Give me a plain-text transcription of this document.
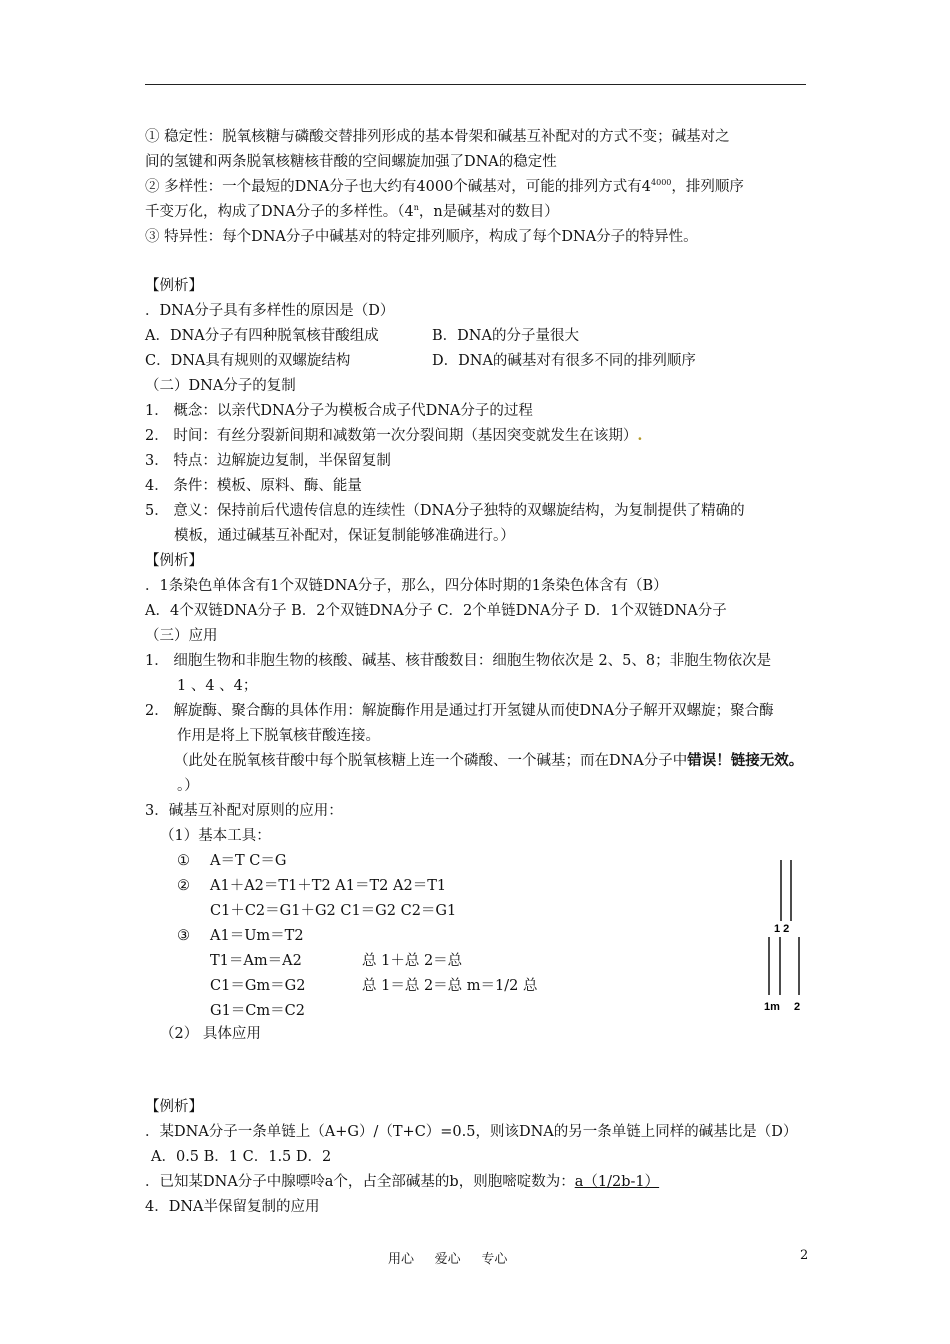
① 稳定性：脱氧核糖与磷酸交替排列形成的基本骨架和碱基互补配对的方式不变；碱基对之
间的氢键和两条脱氧核糖核苷酸的空间螺旋加强了DNA的稳定性
② 多样性：一个最短的DNA分子也大约有4000个碱基对，可能的排列方式有$4^{4000}$，排列顺序
千变万化，构成了DNA分子的多样性。（4$^n$，n是碱基对的数目）
③ 特异性：每个DNA分子中碱基对的特定排列顺序，构成了每个DNA分子的特异性。
【例析】
．DNA分子具有多样性的原因是（D）
A．DNA分子有四种脱氧核苷酸组成	B．DNA的分子量很大
C．DNA具有规则的双螺旋结构	D．DNA的碱基对有很多不同的排列顺序
（二）DNA分子的复制
1． 概念：以亲代DNA分子为模板合成子代DNA分子的过程
2． 时间：有丝分裂新间期和减数第一次分裂间期（基因突变就发生在该期）.
3． 特点：边解旋边复制，半保留复制
4． 条件：模板、原料、酶、能量
5． 意义：保持前后代遗传信息的连续性（DNA分子独特的双螺旋结构，为复制提供了精确的
模板，通过碱基互补配对，保证复制能够准确进行。）
【例析】
．1条染色单体含有1个双链DNA分子，那么，四分体时期的1条染色体含有（B）
A．4个双链DNA分子 B．2个双链DNA分子 C．2个单链DNA分子 D．1个双链DNA分子
（三）应用
1． 细胞生物和非胞生物的核酸、碱基、核苷酸数目：细胞生物依次是 2、5、8；非胞生物依次是
1 、4 、4；
2． 解旋酶、聚合酶的具体作用：解旋酶作用是通过打开氢键从而使DNA分子解开双螺旋；聚合酶
作用是将上下脱氧核苷酸连接。
（此处在脱氧核苷酸中每个脱氧核糖上连一个磷酸、一个碱基；而在DNA分子中错误！链接无效。
。）
3．碱基互补配对原则的应用：
（1）基本工具：
① A＝T C＝G
② A1＋A2＝T1＋T2 A1＝T2 A2＝T1
C1＋C2＝G1＋G2 C1＝G2 C2＝G1
③ A1＝Um＝T2
T1＝Am＝A2	总 1＋总 2＝总
C1＝Gm＝G2	总 1＝总 2＝总 m＝1/2 总
G1＝Cm＝C2
（2） 具体应用
1 2
1m 2
【例析】
．某DNA分子一条单链上（A+G）/（T+C）=0.5，则该DNA的另一条单链上同样的碱基比是（D）
A．0.5 B．1 C．1.5 D．2
．已知某DNA分子中腺嘌呤a个，占全部碱基的b，则胞嘧啶数为：a（1/2b-1）
4．DNA半保留复制的应用
用心     爱心     专心	2
